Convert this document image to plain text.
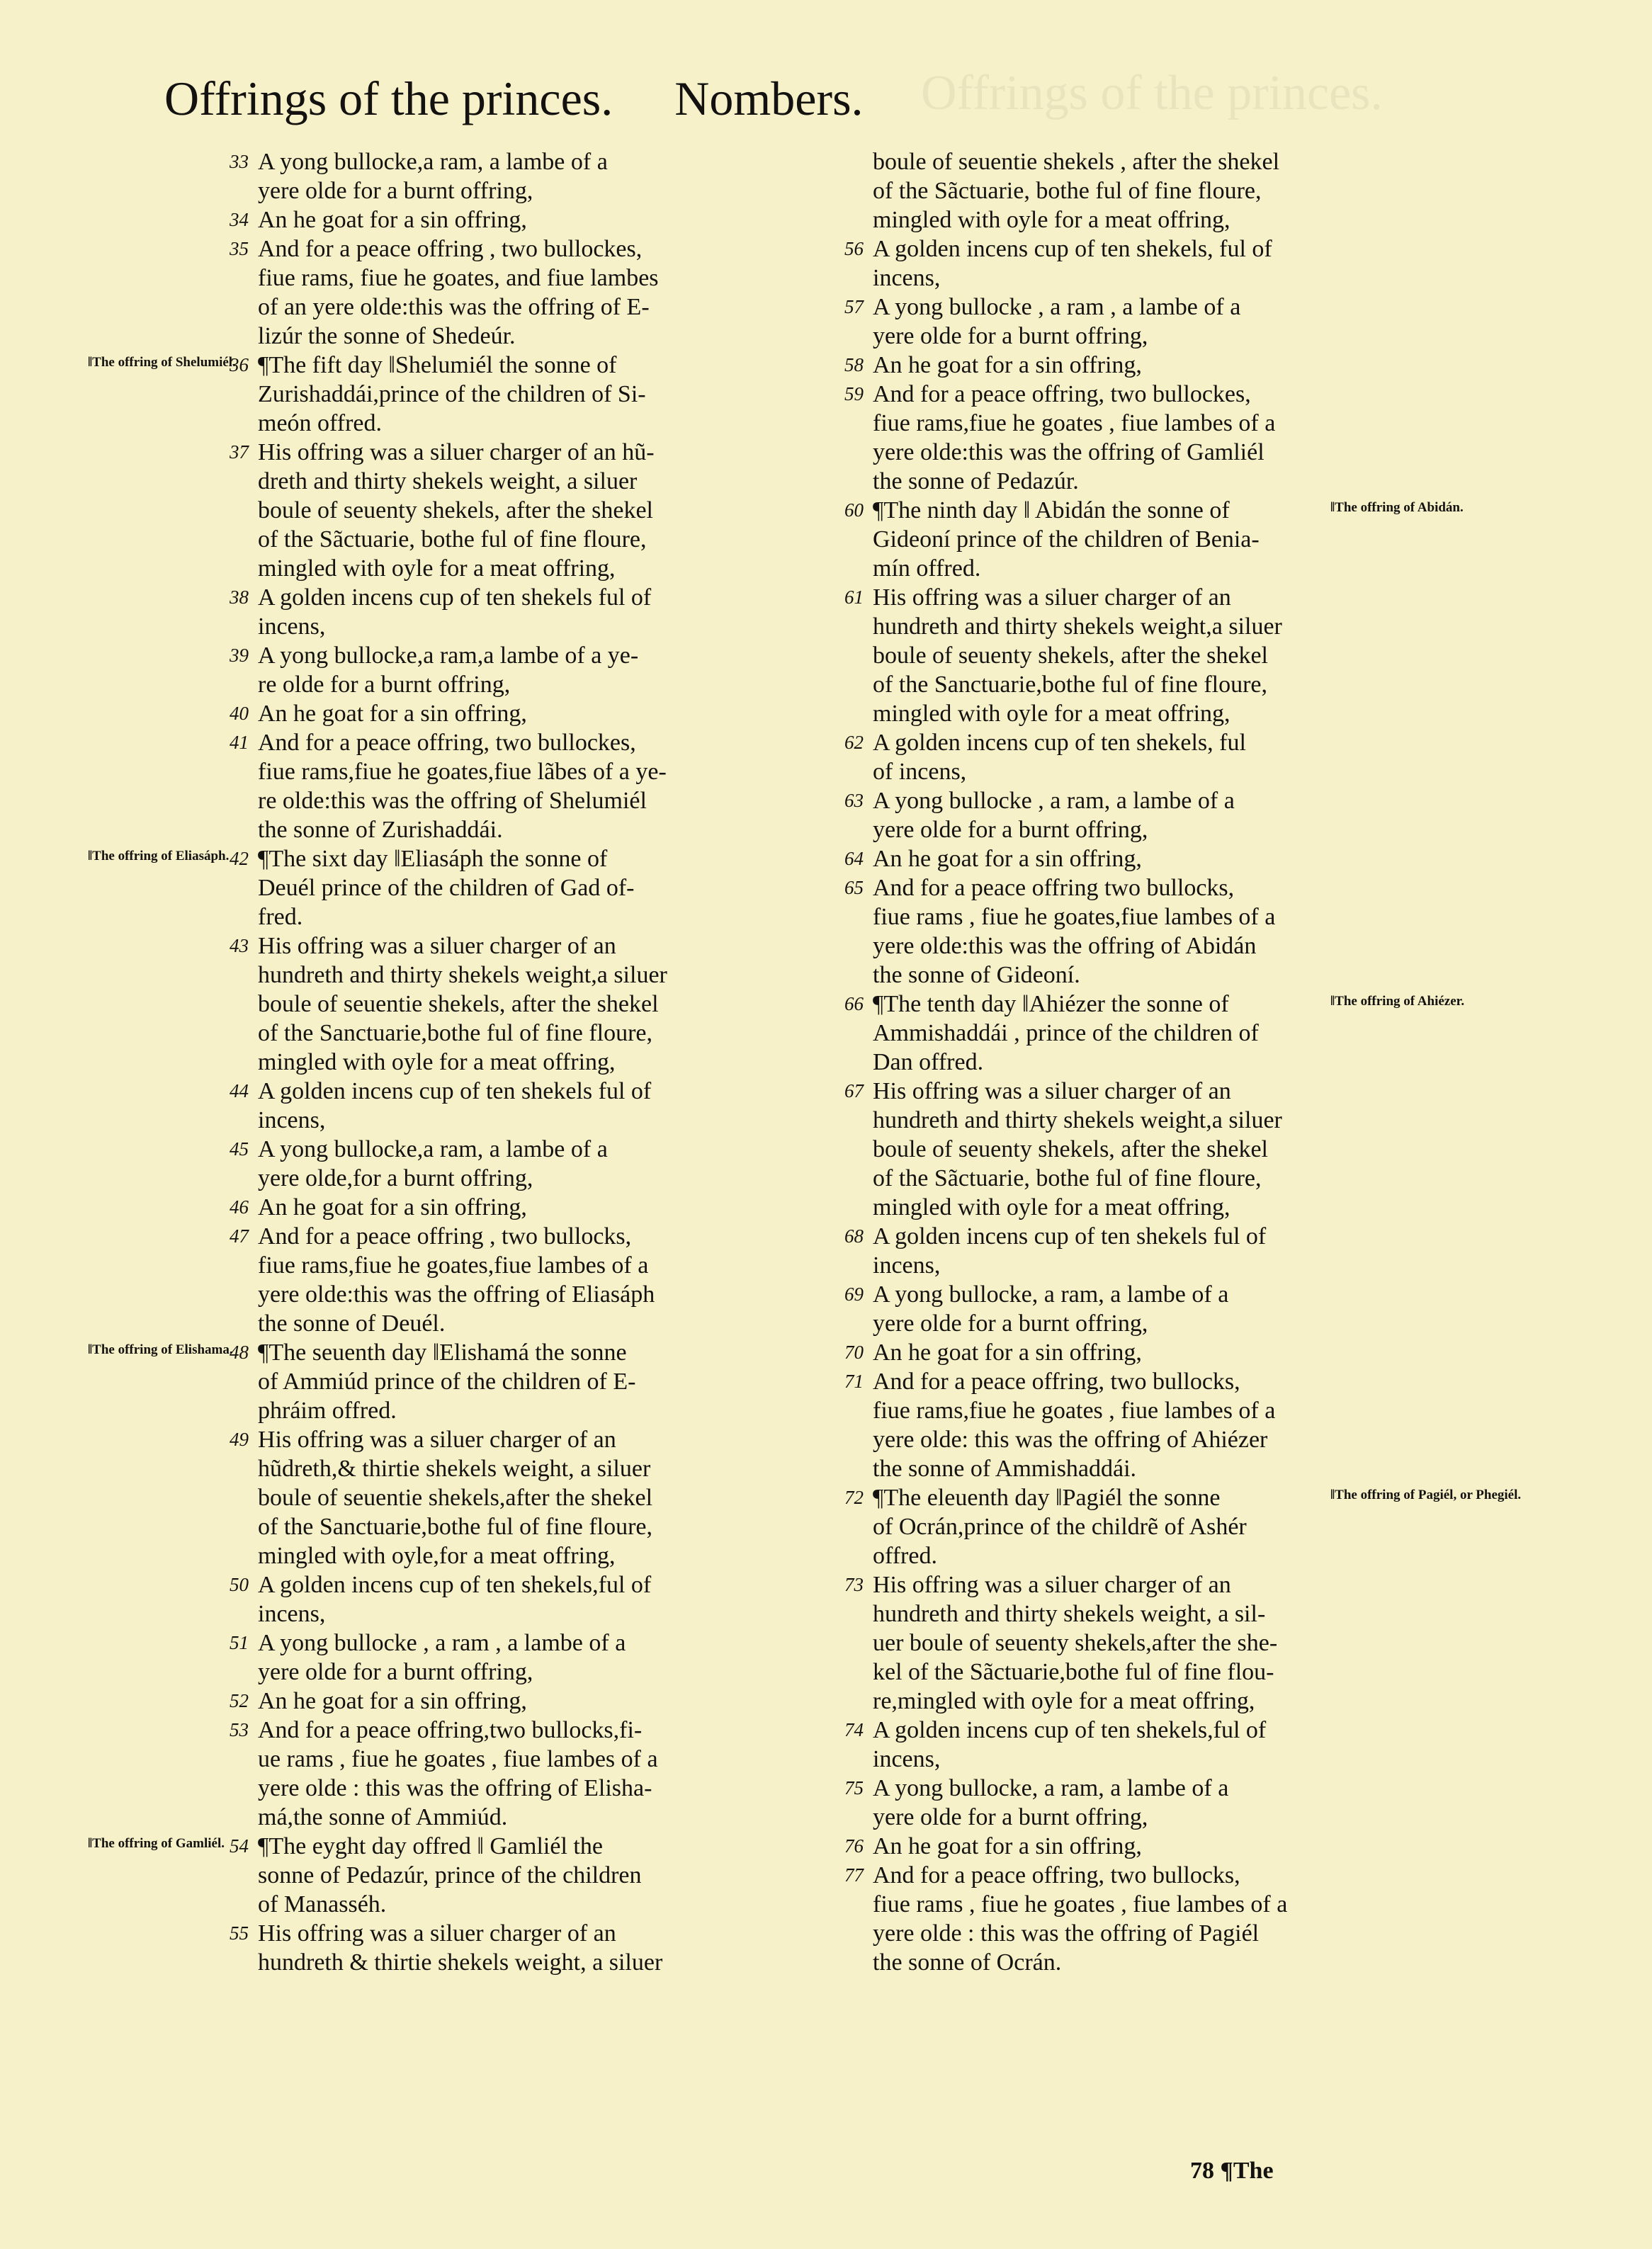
Offrings of the princes.
Offrings of the princes. Nombers.
33 A yong bullocke,a ram, a lambe of a
yere olde for a burnt offring,
34 An he goat for a sin offring,
35 And for a peace offring , two bullockes,
fiue rams, fiue he goates, and fiue lambes
of an yere olde:this was the offring of E-
lizúr the sonne of Shedeúr.
36 ¶The fift day ‖Shelumiél the sonne of
‖The offring of Shelumiél.
Zurishaddái,prince of the children of Si-
meón offred.
37 His offring was a siluer charger of an hũ-
dreth and thirty shekels weight, a siluer
boule of seuenty shekels, after the shekel
of the Sãctuarie, bothe ful of fine floure,
mingled with oyle for a meat offring,
38 A golden incens cup of ten shekels ful of
incens,
39 A yong bullocke,a ram,a lambe of a ye-
re olde for a burnt offring,
40 An he goat for a sin offring,
41 And for a peace offring, two bullockes,
fiue rams,fiue he goates,fiue lãbes of a ye-
re olde:this was the offring of Shelumiél
the sonne of Zurishaddái.
42 ¶The sixt day ‖Eliasáph the sonne of
‖The offring of Eliasáph.
Deuél prince of the children of Gad of-
fred.
43 His offring was a siluer charger of an
hundreth and thirty shekels weight,a siluer
boule of seuentie shekels, after the shekel
of the Sanctuarie,bothe ful of fine floure,
mingled with oyle for a meat offring,
44 A golden incens cup of ten shekels ful of
incens,
45 A yong bullocke,a ram, a lambe of a
yere olde,for a burnt offring,
46 An he goat for a sin offring,
47 And for a peace offring , two bullocks,
fiue rams,fiue he goates,fiue lambes of a
yere olde:this was the offring of Eliasáph
the sonne of Deuél.
48 ¶The seuenth day ‖Elishamá the sonne
‖The offring of Elishama.
of Ammiúd prince of the children of E-
phráim offred.
49 His offring was a siluer charger of an
hũdreth,& thirtie shekels weight, a siluer
boule of seuentie shekels,after the shekel
of the Sanctuarie,bothe ful of fine floure,
mingled with oyle,for a meat offring,
50 A golden incens cup of ten shekels,ful of
incens,
51 A yong bullocke , a ram , a lambe of a
yere olde for a burnt offring,
52 An he goat for a sin offring,
53 And for a peace offring,two bullocks,fi-
ue rams , fiue he goates , fiue lambes of a
yere olde : this was the offring of Elisha-
má,the sonne of Ammiúd.
54 ¶The eyght day offred ‖ Gamliél the
‖The offring of Gamliél.
sonne of Pedazúr, prince of the children
of Manasséh.
55 His offring was a siluer charger of an
hundreth & thirtie shekels weight, a siluer
boule of seuentie shekels , after the shekel
of the Sãctuarie, bothe ful of fine floure,
mingled with oyle for a meat offring,
56 A golden incens cup of ten shekels, ful of
incens,
57 A yong bullocke , a ram , a lambe of a
yere olde for a burnt offring,
58 An he goat for a sin offring,
59 And for a peace offring, two bullockes,
fiue rams,fiue he goates , fiue lambes of a
yere olde:this was the offring of Gamliél
the sonne of Pedazúr.
60 ¶The ninth day ‖ Abidán the sonne of	‖The offring of Abidán.
Gideoní prince of the children of Benia-
mín offred.
61 His offring was a siluer charger of an
hundreth and thirty shekels weight,a siluer
boule of seuenty shekels, after the shekel
of the Sanctuarie,bothe ful of fine floure,
mingled with oyle for a meat offring,
62 A golden incens cup of ten shekels, ful
of incens,
63 A yong bullocke , a ram, a lambe of a
yere olde for a burnt offring,
64 An he goat for a sin offring,
65 And for a peace offring two bullocks,
fiue rams , fiue he goates,fiue lambes of a
yere olde:this was the offring of Abidán
the sonne of Gideoní.
66 ¶The tenth day ‖Ahiézer the sonne of	‖The offring of Ahiézer.
Ammishaddái , prince of the children of
Dan offred.
67 His offring was a siluer charger of an
hundreth and thirty shekels weight,a siluer
boule of seuenty shekels, after the shekel
of the Sãctuarie, bothe ful of fine floure,
mingled with oyle for a meat offring,
68 A golden incens cup of ten shekels ful of
incens,
69 A yong bullocke, a ram, a lambe of a
yere olde for a burnt offring,
70 An he goat for a sin offring,
71 And for a peace offring, two bullocks,
fiue rams,fiue he goates , fiue lambes of a
yere olde: this was the offring of Ahiézer
the sonne of Ammishaddái.
72 ¶The eleuenth day ‖Pagiél the sonne	‖The offring of Pagiél, or Phegiél.
of Ocrán,prince of the childrẽ of Ashér
offred.
73 His offring was a siluer charger of an
hundreth and thirty shekels weight, a sil-
uer boule of seuenty shekels,after the she-
kel of the Sãctuarie,bothe ful of fine flou-
re,mingled with oyle for a meat offring,
74 A golden incens cup of ten shekels,ful of
incens,
75 A yong bullocke, a ram, a lambe of a
yere olde for a burnt offring,
76 An he goat for a sin offring,
77 And for a peace offring, two bullocks,
fiue rams , fiue he goates , fiue lambes of a
yere olde : this was the offring of Pagiél
the sonne of Ocrán.
78 ¶The
